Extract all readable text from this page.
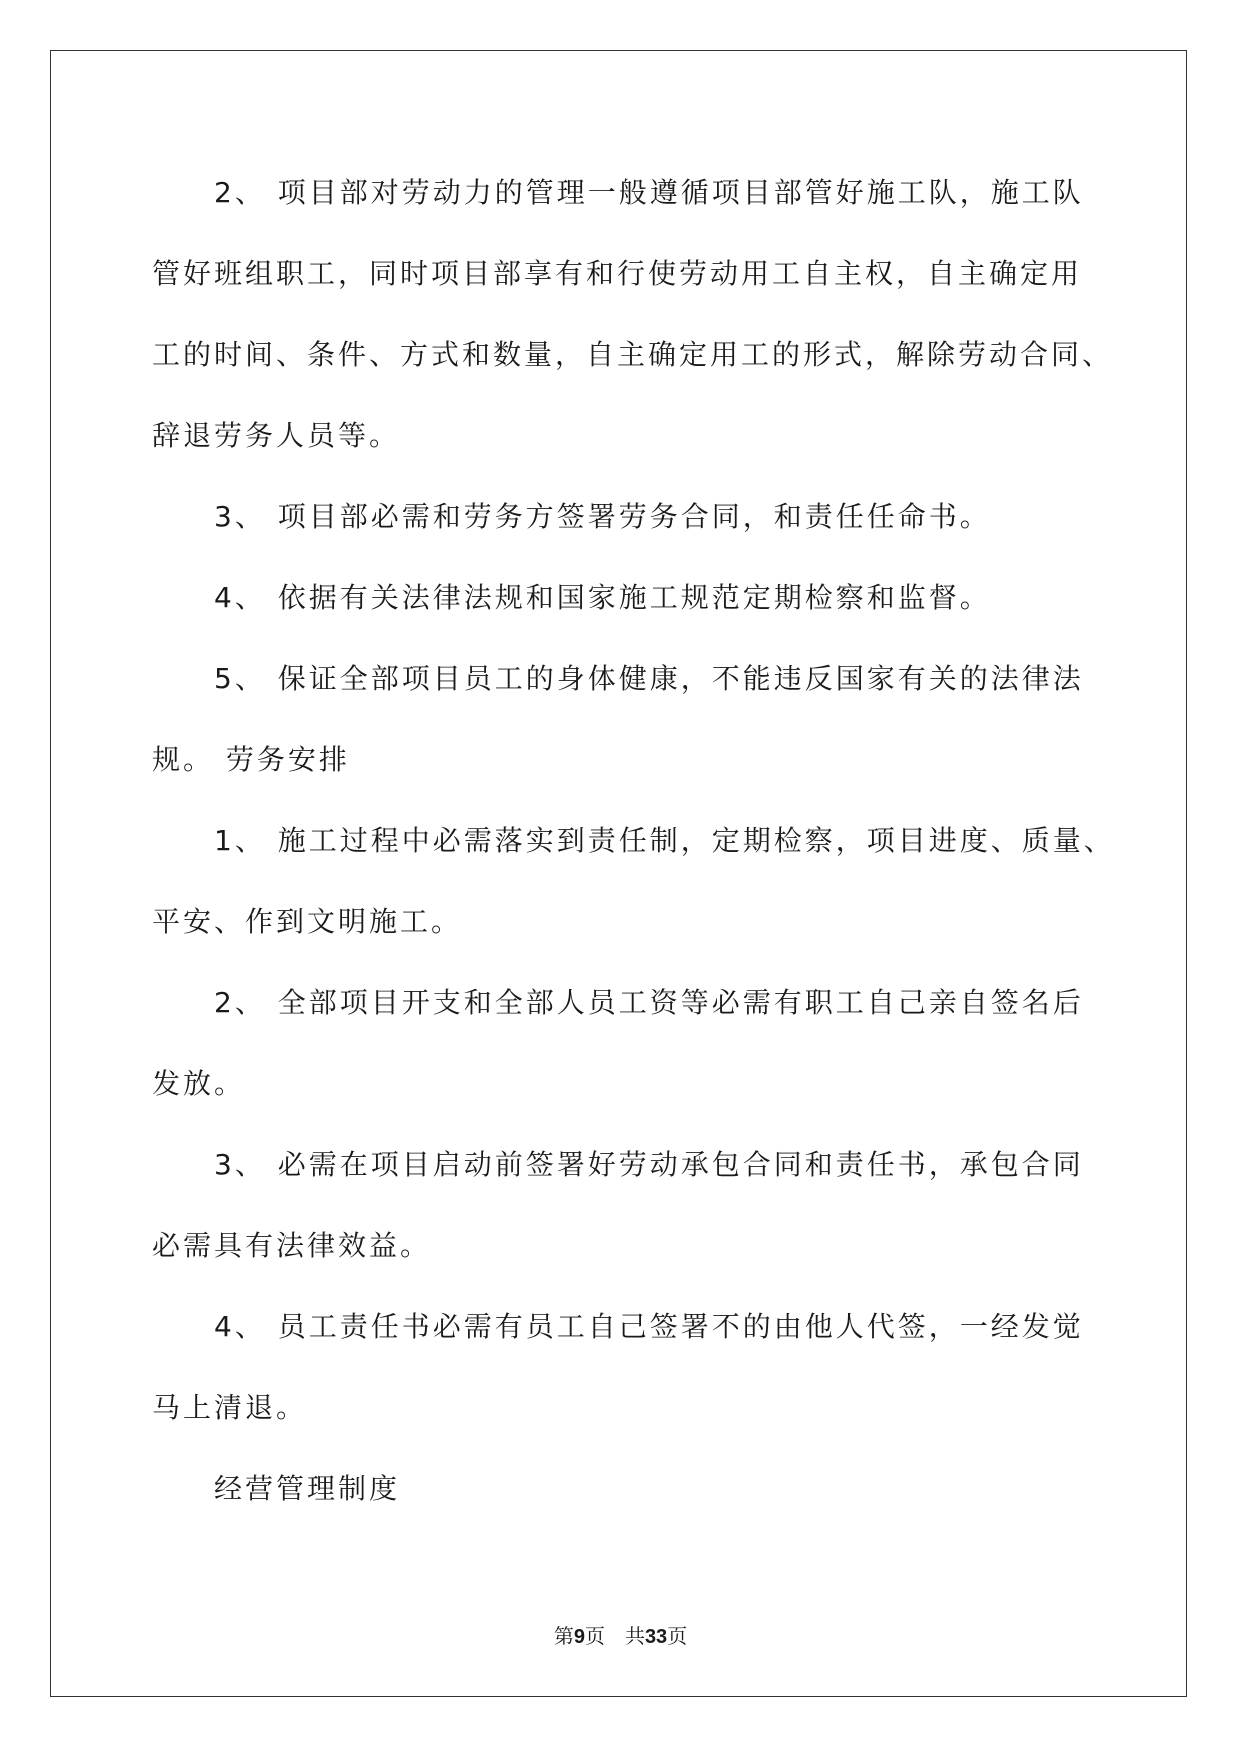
2、 项目部对劳动力的管理一般遵循项目部管好施工队，施工队
管好班组职工，同时项目部享有和行使劳动用工自主权，自主确定用
工的时间、条件、方式和数量，自主确定用工的形式，解除劳动合同、
辞退劳务人员等。
3、 项目部必需和劳务方签署劳务合同，和责任任命书。
4、 依据有关法律法规和国家施工规范定期检察和监督。
5、 保证全部项目员工的身体健康，不能违反国家有关的法律法
规。 劳务安排
1、 施工过程中必需落实到责任制，定期检察，项目进度、质量、
平安、作到文明施工。
2、 全部项目开支和全部人员工资等必需有职工自己亲自签名后
发放。
3、 必需在项目启动前签署好劳动承包合同和责任书，承包合同
必需具有法律效益。
4、 员工责任书必需有员工自己签署不的由他人代签，一经发觉
马上清退。
经营管理制度
第9页 共33页
